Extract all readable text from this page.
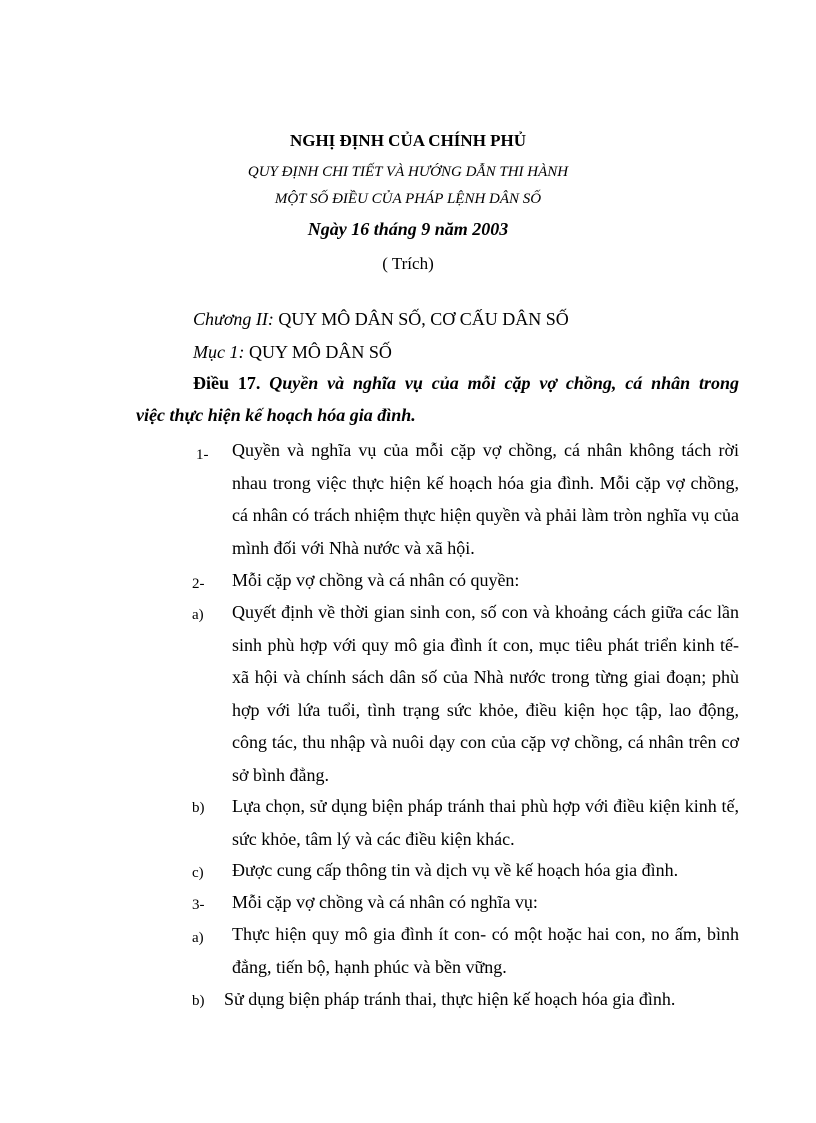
NGHỊ ĐỊNH CỦA CHÍNH PHỦ
QUY ĐỊNH CHI TIẾT VÀ HƯỚNG DẪN THI HÀNH
MỘT SỐ ĐIỀU CỦA PHÁP LỆNH DÂN SỐ
Ngày 16 tháng 9 năm 2003
( Trích)
Chương II: QUY MÔ DÂN SỐ, CƠ CẤU DÂN SỐ
Mục 1: QUY MÔ DÂN SỐ
Điều 17. Quyền và nghĩa vụ của mỗi cặp vợ chồng, cá nhân trong
việc thực hiện kế hoạch hóa gia đình.
1- Quyền và nghĩa vụ của mỗi cặp vợ chồng, cá nhân không tách rời nhau trong việc thực hiện kế hoạch hóa gia đình. Mỗi cặp vợ chồng, cá nhân có trách nhiệm thực hiện quyền và phải làm tròn nghĩa vụ của mình đối với Nhà nước và xã hội.
2- Mỗi cặp vợ chồng và cá nhân có quyền:
a) Quyết định về thời gian sinh con, số con và khoảng cách giữa các lần sinh phù hợp với quy mô gia đình ít con, mục tiêu phát triển kinh tế- xã hội và chính sách dân số của Nhà nước trong từng giai đoạn; phù hợp với lứa tuổi, tình trạng sức khỏe, điều kiện học tập, lao động, công tác, thu nhập và nuôi dạy con của cặp vợ chồng, cá nhân trên cơ sở bình đẳng.
b) Lựa chọn, sử dụng biện pháp tránh thai phù hợp với điều kiện kinh tế, sức khỏe, tâm lý và các điều kiện khác.
c) Được cung cấp thông tin và dịch vụ về kế hoạch hóa gia đình.
3- Mỗi cặp vợ chồng và cá nhân có nghĩa vụ:
a) Thực hiện quy mô gia đình ít con- có một hoặc hai con, no ấm, bình đẳng, tiến bộ, hạnh phúc và bền vững.
b) Sử dụng biện pháp tránh thai, thực hiện kế hoạch hóa gia đình.
